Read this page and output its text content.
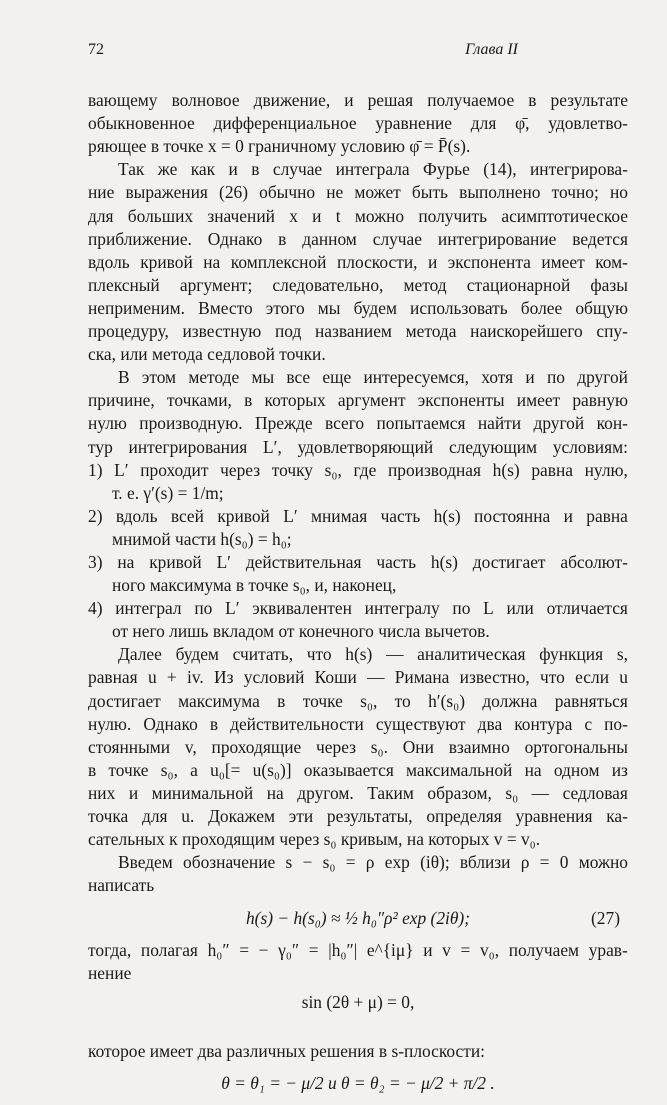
72	Глава II
вающему волновое движение, и решая получаемое в результате
обыкновенное дифференциальное уравнение для φ̄, удовлетво-
ряющее в точке x = 0 граничному условию φ̄ = P̄(s).
Так же как и в случае интеграла Фурье (14), интегрирова-
ние выражения (26) обычно не может быть выполнено точно; но
для больших значений x и t можно получить асимптотическое
приближение. Однако в данном случае интегрирование ведется
вдоль кривой на комплексной плоскости, и экспонента имеет ком-
плексный аргумент; следовательно, метод стационарной фазы
неприменим. Вместо этого мы будем использовать более общую
процедуру, известную под названием метода наискорейшего спу-
ска, или метода седловой точки.
В этом методе мы все еще интересуемся, хотя и по другой
причине, точками, в которых аргумент экспоненты имеет равную
нулю производную. Прежде всего попытаемся найти другой кон-
тур интегрирования L′, удовлетворяющий следующим условиям:
1) L′ проходит через точку s₀, где производная h(s) равна нулю,
т. е. γ′(s) = 1/m;
2) вдоль всей кривой L′ мнимая часть h(s) постоянна и равна
мнимой части h(s₀) = h₀;
3) на кривой L′ действительная часть h(s) достигает абсолют-
ного максимума в точке s₀, и, наконец,
4) интеграл по L′ эквивалентен интегралу по L или отличается
от него лишь вкладом от конечного числа вычетов.
Далее будем считать, что h(s) — аналитическая функция s,
равная u + iv. Из условий Коши — Римана известно, что если u
достигает максимума в точке s₀, то h′(s₀) должна равняться
нулю. Однако в действительности существуют два контура с по-
стоянными v, проходящие через s₀. Они взаимно ортогональны
в точке s₀, а u₀[= u(s₀)] оказывается максимальной на одном из
них и минимальной на другом. Таким образом, s₀ — седловая
точка для u. Докажем эти результаты, определяя уравнения ка-
сательных к проходящим через s₀ кривым, на которых v = v₀.
Введем обозначение s − s₀ = ρ exp (iθ); вблизи ρ = 0 можно
написать
h(s) − h(s₀) ≈ ½ h₀″ρ² exp (2iθ);	(27)
тогда, полагая h₀″ = − γ₀″ = |h₀″| e^{iμ} и v = v₀, получаем урав-
нение
sin (2θ + μ) = 0,
которое имеет два различных решения в s-плоскости:
θ = θ₁ = − μ/2 и θ = θ₂ = − μ/2 + π/2 .
